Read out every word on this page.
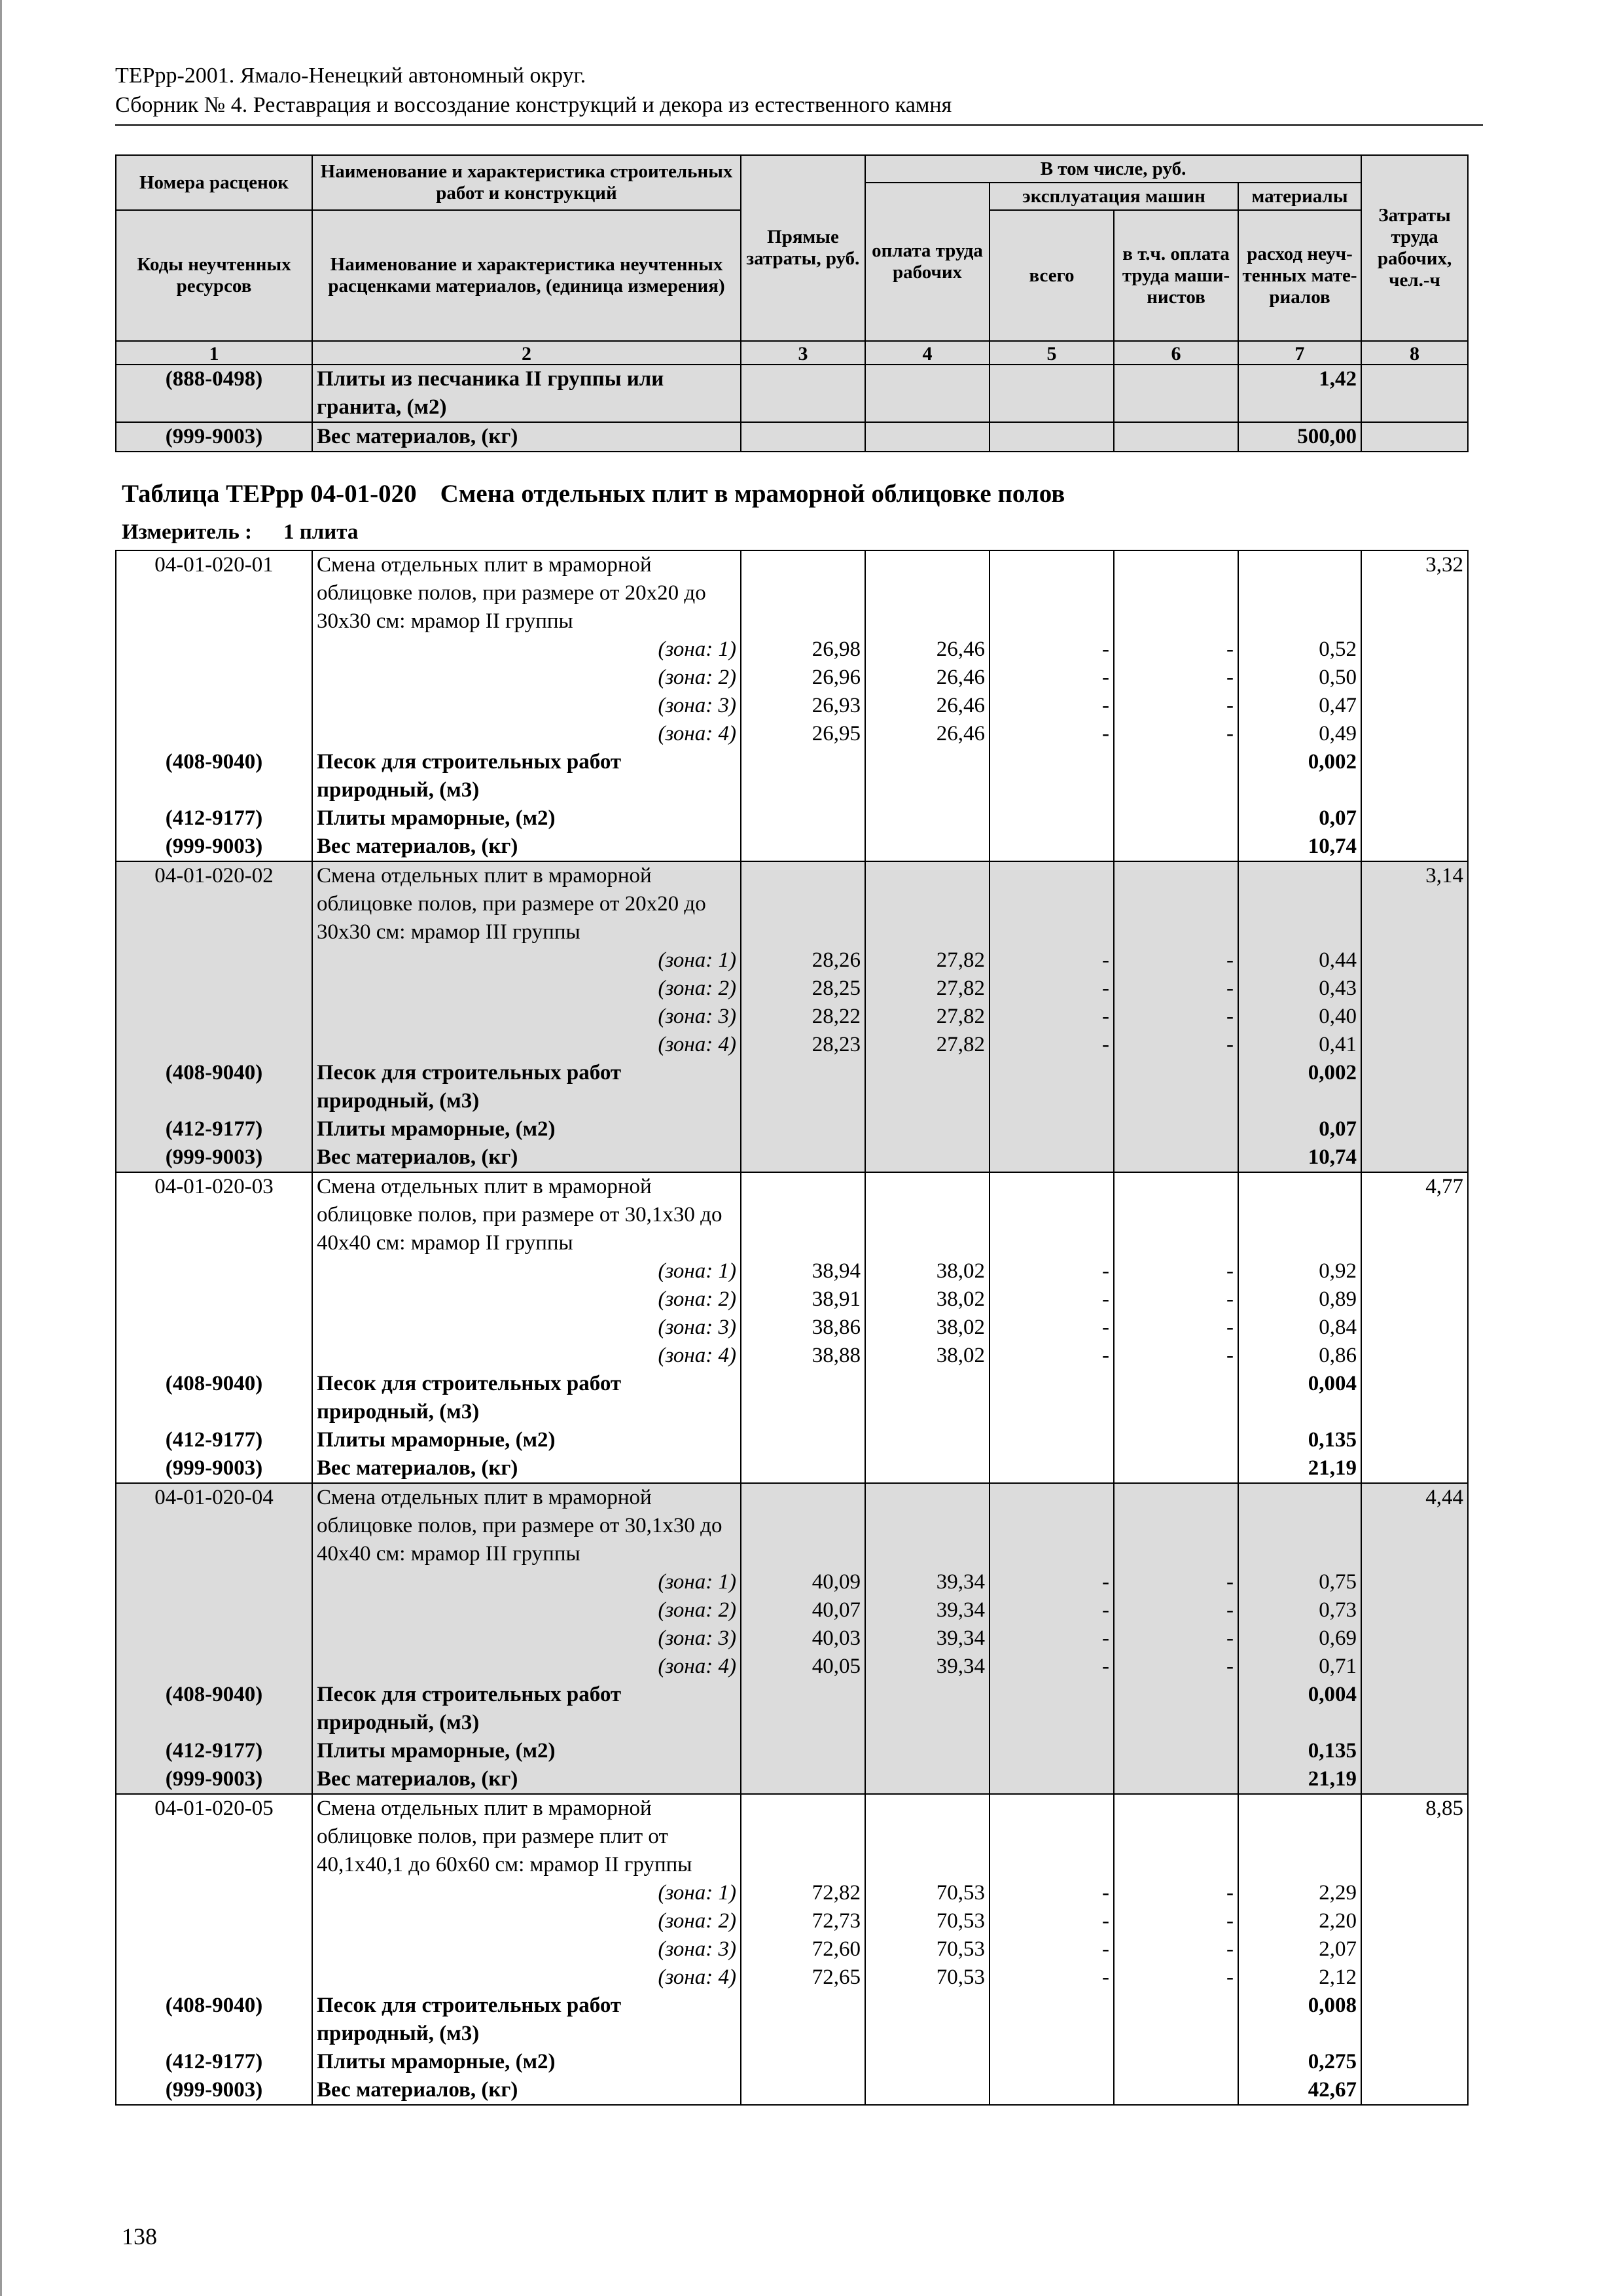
ТЕРрр-2001. Ямало-Ненецкий автономный округ.
Сборник № 4. Реставрация и воссоздание конструкций и декора из естественного камня
Номера расценок	Наименование и характеристика строительных работ и конструкций	Прямые затраты, руб.	В том числе, руб.				Затраты труда рабочих, чел.-ч
			оплата труда рабочих	эксплуатация машин		материалы	
Коды неучтенных ресурсов	Наименование и характеристика неучтенных расценками материалов, (единица измерения)			всего	в т.ч. оплата труда маши-нистов	расход неуч-тенных мате-риалов	
1	2	3	4	5	6	7	8
(888-0498)	Плиты из песчаника II группы или гранита, (м2)					1,42	
(999-9003)	Вес материалов, (кг)					500,00	
Таблица ТЕРрр 04-01-020 Смена отдельных плит в мраморной облицовке полов
Измеритель : 1 плита
04-01-020-01	Смена отдельных плит в мраморной облицовке полов, при размере от 20х20 до 30х30 см: мрамор II группы						3,32
	(зона: 1)	26,98	26,46	-	-	0,52	
	(зона: 2)	26,96	26,46	-	-	0,50	
	(зона: 3)	26,93	26,46	-	-	0,47	
	(зона: 4)	26,95	26,46	-	-	0,49	
(408-9040)	Песок для строительных работ природный, (м3)					0,002	
(412-9177)	Плиты мраморные, (м2)					0,07	
(999-9003)	Вес материалов, (кг)					10,74	
04-01-020-02	Смена отдельных плит в мраморной облицовке полов, при размере от 20х20 до 30х30 см: мрамор III группы						3,14
	(зона: 1)	28,26	27,82	-	-	0,44	
	(зона: 2)	28,25	27,82	-	-	0,43	
	(зона: 3)	28,22	27,82	-	-	0,40	
	(зона: 4)	28,23	27,82	-	-	0,41	
(408-9040)	Песок для строительных работ природный, (м3)					0,002	
(412-9177)	Плиты мраморные, (м2)					0,07	
(999-9003)	Вес материалов, (кг)					10,74	
04-01-020-03	Смена отдельных плит в мраморной облицовке полов, при размере от 30,1х30 до 40х40 см: мрамор II группы						4,77
	(зона: 1)	38,94	38,02	-	-	0,92	
	(зона: 2)	38,91	38,02	-	-	0,89	
	(зона: 3)	38,86	38,02	-	-	0,84	
	(зона: 4)	38,88	38,02	-	-	0,86	
(408-9040)	Песок для строительных работ природный, (м3)					0,004	
(412-9177)	Плиты мраморные, (м2)					0,135	
(999-9003)	Вес материалов, (кг)					21,19	
04-01-020-04	Смена отдельных плит в мраморной облицовке полов, при размере от 30,1х30 до 40х40 см: мрамор III группы						4,44
	(зона: 1)	40,09	39,34	-	-	0,75	
	(зона: 2)	40,07	39,34	-	-	0,73	
	(зона: 3)	40,03	39,34	-	-	0,69	
	(зона: 4)	40,05	39,34	-	-	0,71	
(408-9040)	Песок для строительных работ природный, (м3)					0,004	
(412-9177)	Плиты мраморные, (м2)					0,135	
(999-9003)	Вес материалов, (кг)					21,19	
04-01-020-05	Смена отдельных плит в мраморной облицовке полов, при размере плит от 40,1х40,1 до 60х60 см: мрамор II группы						8,85
	(зона: 1)	72,82	70,53	-	-	2,29	
	(зона: 2)	72,73	70,53	-	-	2,20	
	(зона: 3)	72,60	70,53	-	-	2,07	
	(зона: 4)	72,65	70,53	-	-	2,12	
(408-9040)	Песок для строительных работ природный, (м3)					0,008	
(412-9177)	Плиты мраморные, (м2)					0,275	
(999-9003)	Вес материалов, (кг)					42,67	
138
